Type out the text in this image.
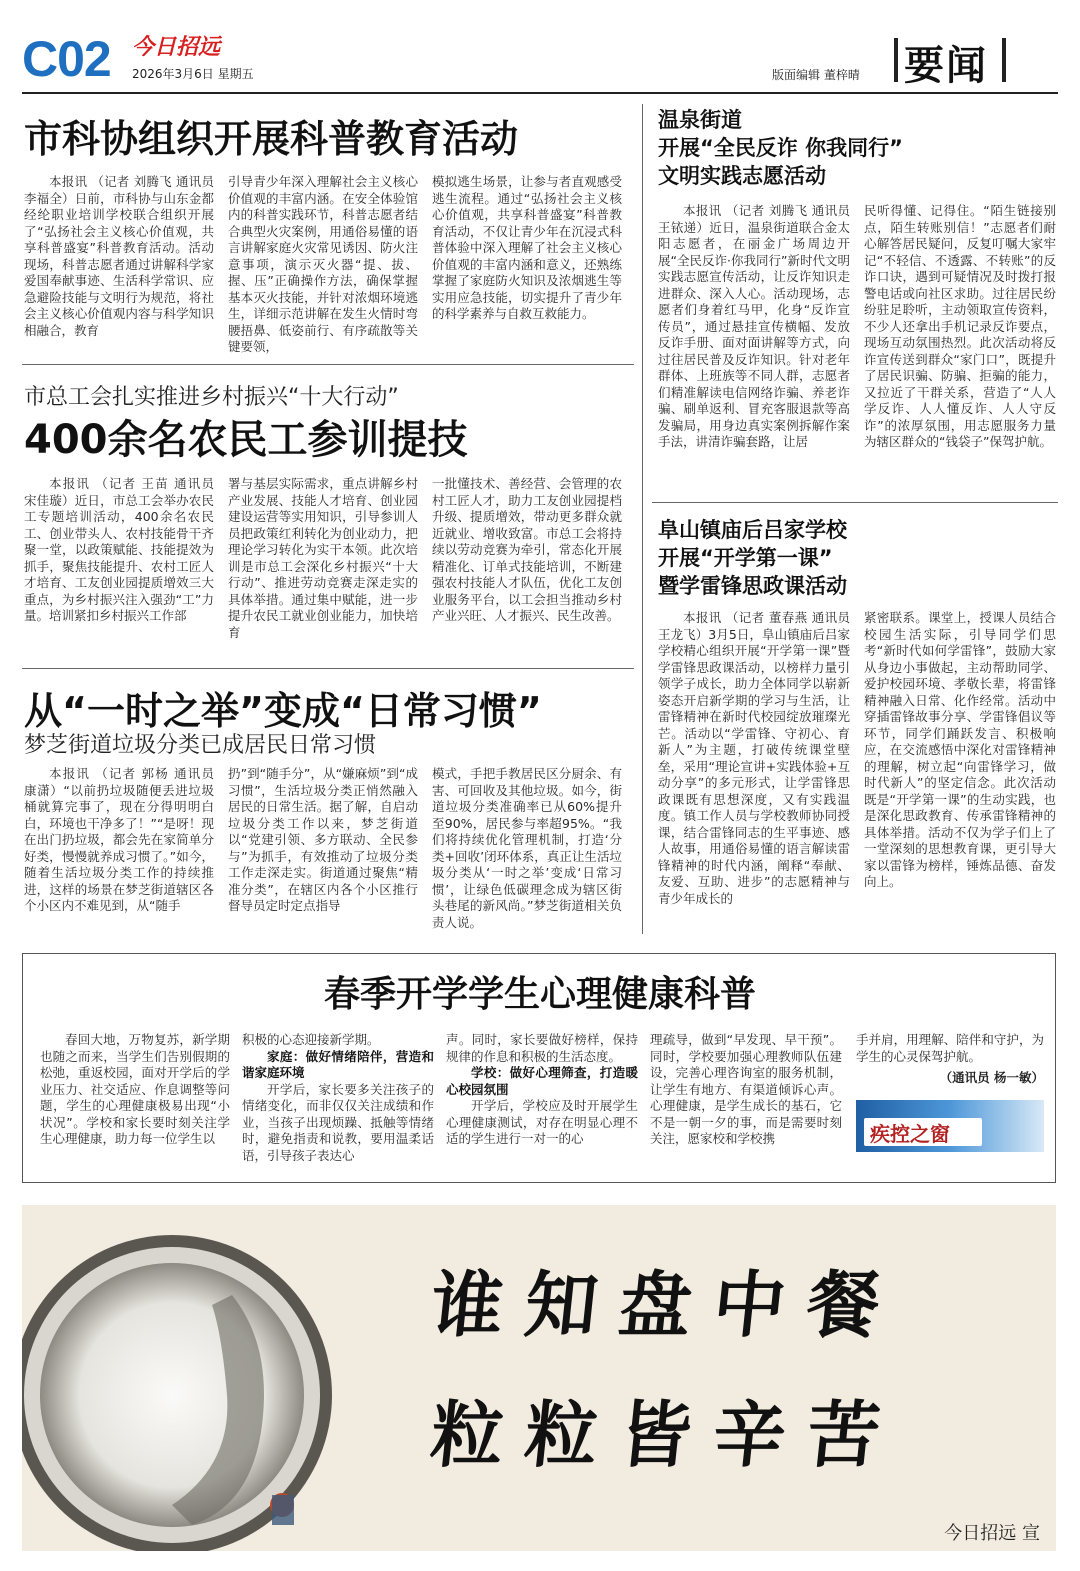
C02 今日招远
2026年3月6日 星期五	版面编辑 董梓晴 要闻
市科协组织开展科普教育活动

本报讯 （记者 刘腾飞 通讯员 李福全）日前，市科协与山东金都经纶职业培训学校联合组织开展了“弘扬社会主义核心价值观，共享科普盛宴”科普教育活动。活动现场，科普志愿者通过讲解科学家爱国奉献事迹、生活科学常识、应急避险技能与文明行为规范，将社会主义核心价值观内容与科学知识相融合，教育

引导青少年深入理解社会主义核心价值观的丰富内涵。在安全体验馆内的科普实践环节，科普志愿者结合典型火灾案例，用通俗易懂的语言讲解家庭火灾常见诱因、防火注意事项，演示灭火器“提、拔、握、压”正确操作方法，确保掌握基本灭火技能，并针对浓烟环境逃生，详细示范讲解在发生火情时弯腰捂鼻、低姿前行、有序疏散等关键要领，

模拟逃生场景，让参与者直观感受逃生流程。通过“弘扬社会主义核心价值观，共享科普盛宴”科普教育活动，不仅让青少年在沉浸式科普体验中深入理解了社会主义核心价值观的丰富内涵和意义，还熟练掌握了家庭防火知识及浓烟逃生等实用应急技能，切实提升了青少年的科学素养与自救互救能力。

市总工会扎实推进乡村振兴“十大行动”
400余名农民工参训提技

本报讯 （记者 王苗 通讯员 宋佳璇）近日，市总工会举办农民工专题培训活动，400余名农民工、创业带头人、农村技能骨干齐聚一堂，以政策赋能、技能提效为抓手，聚焦技能提升、农村工匠人才培育、工友创业园提质增效三大重点，为乡村振兴注入强劲“工”力量。培训紧扣乡村振兴工作部

署与基层实际需求，重点讲解乡村产业发展、技能人才培育、创业园建设运营等实用知识，引导参训人员把政策红利转化为创业动力，把理论学习转化为实干本领。此次培训是市总工会深化乡村振兴“十大行动”、推进劳动竞赛走深走实的具体举措。通过集中赋能，进一步提升农民工就业创业能力，加快培育

一批懂技术、善经营、会管理的农村工匠人才，助力工友创业园提档升级、提质增效，带动更多群众就近就业、增收致富。市总工会将持续以劳动竞赛为牵引，常态化开展精准化、订单式技能培训，不断建强农村技能人才队伍，优化工友创业服务平台，以工会担当推动乡村产业兴旺、人才振兴、民生改善。

从“一时之举”变成“日常习惯”
梦芝街道垃圾分类已成居民日常习惯

本报讯 （记者 郭杨 通讯员 康潇）“以前扔垃圾随便丢进垃圾桶就算完事了，现在分得明明白白，环境也干净多了！”“是呀！现在出门扔垃圾，都会先在家简单分好类，慢慢就养成习惯了。”如今，随着生活垃圾分类工作的持续推进，这样的场景在梦芝街道辖区各个小区内不难见到，从“随手

扔”到“随手分”，从“嫌麻烦”到“成习惯”，生活垃圾分类正悄然融入居民的日常生活。据了解，自启动垃圾分类工作以来，梦芝街道以“党建引领、多方联动、全民参与”为抓手，有效推动了垃圾分类工作走深走实。街道通过聚焦“精准分类”，在辖区内各个小区推行督导员定时定点指导

模式，手把手教居民区分厨余、有害、可回收及其他垃圾。如今，街道垃圾分类准确率已从60%提升至90%，居民参与率超95%。“我们将持续优化管理机制，打造‘分类+回收’闭环体系，真正让生活垃圾分类从‘一时之举’变成‘日常习惯’，让绿色低碳理念成为辖区街头巷尾的新风尚。”梦芝街道相关负责人说。

温泉街道
开展“全民反诈 你我同行”
文明实践志愿活动

本报讯 （记者 刘腾飞 通讯员 王铱递）近日，温泉街道联合金太阳志愿者，在丽金广场周边开展“全民反诈·你我同行”新时代文明实践志愿宣传活动，让反诈知识走进群众、深入人心。活动现场，志愿者们身着红马甲，化身“反诈宣传员”，通过悬挂宣传横幅、发放反诈手册、面对面讲解等方式，向过往居民普及反诈知识。针对老年群体、上班族等不同人群，志愿者们精准解读电信网络诈骗、养老诈骗、刷单返利、冒充客服退款等高发骗局，用身边真实案例拆解作案手法，讲清诈骗套路，让居

民听得懂、记得住。“陌生链接别点，陌生转账别信！”志愿者们耐心解答居民疑问，反复叮嘱大家牢记“不轻信、不透露、不转账”的反诈口诀，遇到可疑情况及时拨打报警电话或向社区求助。过往居民纷纷驻足聆听，主动领取宣传资料，不少人还拿出手机记录反诈要点，现场互动氛围热烈。此次活动将反诈宣传送到群众“家门口”，既提升了居民识骗、防骗、拒骗的能力，又拉近了干群关系，营造了“人人学反诈、人人懂反诈、人人守反诈”的浓厚氛围，用志愿服务力量为辖区群众的“钱袋子”保驾护航。

阜山镇庙后吕家学校
开展“开学第一课”
暨学雷锋思政课活动

本报讯 （记者 董春燕 通讯员 王龙飞）3月5日，阜山镇庙后吕家学校精心组织开展“开学第一课”暨学雷锋思政课活动，以榜样力量引领学子成长，助力全体同学以崭新姿态开启新学期的学习与生活，让雷锋精神在新时代校园绽放璀璨光芒。活动以“学雷锋、守初心、育新人”为主题，打破传统课堂壁垒，采用“理论宣讲+实践体验+互动分享”的多元形式，让学雷锋思政课既有思想深度，又有实践温度。镇工作人员与学校教师协同授课，结合雷锋同志的生平事迹、感人故事，用通俗易懂的语言解读雷锋精神的时代内涵，阐释“奉献、友爱、互助、进步”的志愿精神与青少年成长的

紧密联系。课堂上，授课人员结合校园生活实际，引导同学们思考“新时代如何学雷锋”，鼓励大家从身边小事做起，主动帮助同学、爱护校园环境、孝敬长辈，将雷锋精神融入日常、化作经常。活动中穿插雷锋故事分享、学雷锋倡议等环节，同学们踊跃发言、积极响应，在交流感悟中深化对雷锋精神的理解，树立起“向雷锋学习，做时代新人”的坚定信念。此次活动既是“开学第一课”的生动实践，也是深化思政教育、传承雷锋精神的具体举措。活动不仅为学子们上了一堂深刻的思想教育课，更引导大家以雷锋为榜样，锤炼品德、奋发向上。

春季开学学生心理健康科普

春回大地，万物复苏，新学期也随之而来，当学生们告别假期的松弛，重返校园，面对开学后的学业压力、社交适应、作息调整等问题，学生的心理健康极易出现“小状况”。学校和家长要时刻关注学生心理健康，助力每一位学生以

积极的心态迎接新学期。

家庭：做好情绪陪伴，营造和谐家庭环境

开学后，家长要多关注孩子的情绪变化，而非仅仅关注成绩和作业，当孩子出现烦躁、抵触等情绪时，避免指责和说教，要用温柔话语，引导孩子表达心

声。同时，家长要做好榜样，保持规律的作息和积极的生活态度。

学校：做好心理筛查，打造暖心校园氛围

开学后，学校应及时开展学生心理健康测试，对存在明显心理不适的学生进行一对一的心

理疏导，做到“早发现、早干预”。同时，学校要加强心理教师队伍建设，完善心理咨询室的服务机制，让学生有地方、有渠道倾诉心声。心理健康，是学生成长的基石，它不是一朝一夕的事，而是需要时刻关注，愿家校和学校携

手并肩，用理解、陪伴和守护，为学生的心灵保驾护航。

（通讯员 杨一敏）
疾控之窗
谁知盘中餐
粒粒皆辛苦
今日招远 宣
